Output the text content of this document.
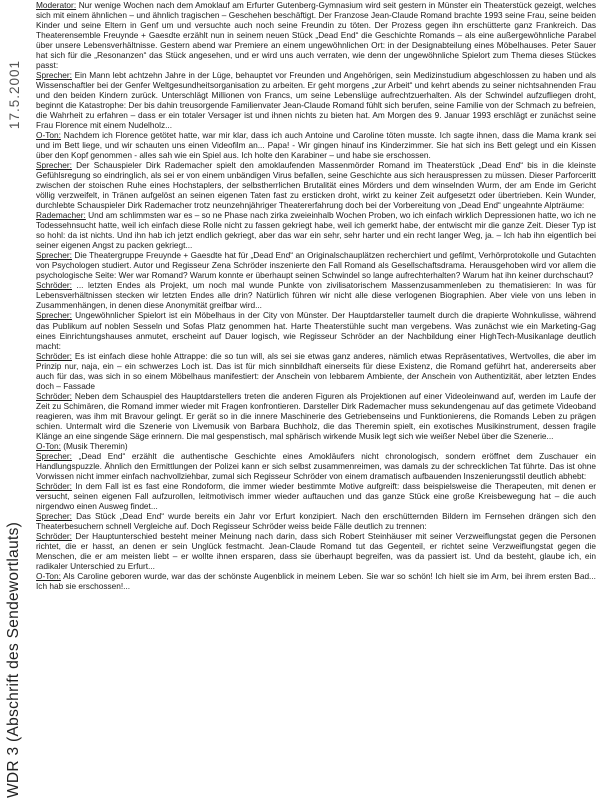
WDR 3 (Abschrift des Sendewortlauts)
17.5.2001

Moderator: Nur wenige Wochen nach dem Amoklauf am Erfurter Gutenberg-Gymnasium wird seit gestern in Münster ein Theaterstück gezeigt, welches sich mit einem ähnlichen – und ähnlich tragischen – Geschehen beschäftigt. Der Franzose Jean-Claude Romand brachte 1993 seine Frau, seine beiden Kinder und seine Eltern in Genf um und versuchte auch noch seine Freundin zu töten. Der Prozess gegen ihn erschütterte ganz Frankreich. Das Theaterensemble Freuynde + Gaesdte erzählt nun in seinem neuen Stück „Dead End“ die Geschichte Romands – als eine außergewöhnliche Parabel über unsere Lebensverhältnisse. Gestern abend war Premiere an einem ungewöhnlichen Ort: in der Designabteilung eines Möbelhauses. Peter Sauer hat sich für die „Resonanzen“ das Stück angesehen, und er wird uns auch verraten, wie denn der ungewöhnliche Spielort zum Thema dieses Stückes passt:

Sprecher: Ein Mann lebt achtzehn Jahre in der Lüge, behauptet vor Freunden und Angehörigen, sein Medizinstudium abgeschlossen zu haben und als Wissenschaftler bei der Genfer Weltgesundheitsorganisation zu arbeiten. Er geht morgens „zur Arbeit“ und kehrt abends zu seiner nichtsahnenden Frau und den beiden Kindern zurück. Unterschlägt Millionen von Francs, um seine Lebenslüge aufrechtzuerhalten. Als der Schwindel aufzufliegen droht, beginnt die Katastrophe: Der bis dahin treusorgende Familienvater Jean-Claude Romand fühlt sich berufen, seine Familie von der Schmach zu befreien, die Wahrheit zu erfahren – dass er ein totaler Versager ist und ihnen nichts zu bieten hat. Am Morgen des 9. Januar 1993 erschlägt er zunächst seine Frau Florence mit einem Nudelholz...

O-Ton: Nachdem ich Florence getötet hatte, war mir klar, dass ich auch Antoine und Caroline töten musste. Ich sagte ihnen, dass die Mama krank sei und im Bett liege, und wir schauten uns einen Videofilm an... Papa! - Wir gingen hinauf ins Kinderzimmer. Sie hat sich ins Bett gelegt und ein Kissen über den Kopf genommen - alles sah wie ein Spiel aus. Ich holte den Karabiner – und habe sie erschossen.

Sprecher: Der Schauspieler Dirk Rademacher spielt den amoklaufenden Massenmörder Romand im Theaterstück „Dead End“ bis in die kleinste Gefühlsregung so eindringlich, als sei er von einem unbändigen Virus befallen, seine Geschichte aus sich herauspressen zu müssen. Dieser Parforceritt zwischen der stoischen Ruhe eines Hochstaplers, der selbstherrlichen Brutalität eines Mörders und dem winselnden Wurm, der am Ende im Gericht völlig verzweifelt, in Tränen aufgelöst an seinen eigenen Taten fast zu ersticken droht, wirkt zu keiner Zeit aufgesetzt oder übertrieben. Kein Wunder, durchlebte Schauspieler Dirk Rademacher trotz neunzehnjähriger Theatererfahrung doch bei der Vorbereitung von „Dead End“ ungeahnte Alpträume:

Rademacher: Und am schlimmsten war es – so ne Phase nach zirka zweieinhalb Wochen Proben, wo ich einfach wirklich Depressionen hatte, wo ich ne Todessehnsucht hatte, weil ich einfach diese Rolle nicht zu fassen gekriegt habe, weil ich gemerkt habe, der entwischt mir die ganze Zeit. Dieser Typ ist so hohl: da ist nichts. Und ihn hab ich jetzt endlich gekriegt, aber das war ein sehr, sehr harter und ein recht langer Weg, ja. – Ich hab ihn eigentlich bei seiner eigenen Angst zu packen gekriegt...

Sprecher: Die Theatergruppe Freuynde + Gaesdte hat für „Dead End“ an Originalschauplätzen recherchiert und gefilmt, Verhörprotokolle und Gutachten von Psychologen studiert. Autor und Regisseur Zena Schröder inszenierte den Fall Romand als Gesellschaftsdrama. Herausgehoben wird vor allem die psychologische Seite: Wer war Romand? Warum konnte er überhaupt seinen Schwindel so lange aufrechterhalten? Warum hat ihn keiner durchschaut?

Schröder: ... letzten Endes als Projekt, um noch mal wunde Punkte von zivilisatorischem Massenzusammenleben zu thematisieren: In was für Lebensverhältnissen stecken wir letzten Endes alle drin? Natürlich führen wir nicht alle diese verlogenen Biographien. Aber viele von uns leben in Zusammenhängen, in denen diese Anonymität greifbar wird...

Sprecher: Ungewöhnlicher Spielort ist ein Möbelhaus in der City von Münster. Der Hauptdarsteller taumelt durch die drapierte Wohnkulisse, während das Publikum auf noblen Sesseln und Sofas Platz genommen hat. Harte Theaterstühle sucht man vergebens. Was zunächst wie ein Marketing-Gag eines Einrichtungshauses anmutet, erscheint auf Dauer logisch, wie Regisseur Schröder an der Nachbildung einer HighTech-Musikanlage deutlich macht:

Schröder: Es ist einfach diese hohle Attrappe: die so tun will, als sei sie etwas ganz anderes, nämlich etwas Repräsentatives, Wertvolles, die aber im Prinzip nur, naja, ein – ein schwerzes Loch ist. Das ist für mich sinnbildhaft einerseits für diese Existenz, die Romand geführt hat, andererseits aber auch für das, was sich in so einem Möbelhaus manifestiert: der Anschein von lebbarem Ambiente, der Anschein von Authentizität, aber letzten Endes doch – Fassade

Schröder: Neben dem Schauspiel des Hauptdarstellers treten die anderen Figuren als Projektionen auf einer Videoleinwand auf, werden im Laufe der Zeit zu Schimären, die Romand immer wieder mit Fragen konfrontieren. Darsteller Dirk Rademacher muss sekundengenau auf das getimete Videoband reagieren, was ihm mit Bravour gelingt. Er gerät so in die innere Maschinerie des Getriebenseins und Funktionierens, die Romands Leben zu prägen schien. Untermalt wird die Szenerie von Livemusik von Barbara Buchholz, die das Theremin spielt, ein exotisches Musikinstrument, dessen fragile Klänge an eine singende Säge erinnern. Die mal gespenstisch, mal sphärisch wirkende Musik legt sich wie weißer Nebel über die Szenerie...

O-Ton: (Musik Theremin)

Sprecher: „Dead End“ erzählt die authentische Geschichte eines Amokläufers nicht chronologisch, sondern eröffnet dem Zuschauer ein Handlungspuzzle. Ähnlich den Ermittlungen der Polizei kann er sich selbst zusammenreimen, was damals zu der schrecklichen Tat führte. Das ist ohne Vorwissen nicht immer einfach nachvollziehbar, zumal sich Regisseur Schröder von einem dramatisch aufbauenden Inszenierungsstil deutlich abhebt:

Schröder: In dem Fall ist es fast eine Rondoform, die immer wieder bestimmte Motive aufgreift: dass beispielsweise die Therapeuten, mit denen er versucht, seinen eigenen Fall aufzurollen, leitmotivisch immer wieder auftauchen und das ganze Stück eine große Kreisbewegung hat – die auch nirgendwo einen Ausweg findet...

Sprecher: Das Stück „Dead End“ wurde bereits ein Jahr vor Erfurt konzipiert. Nach den erschütternden Bildern im Fernsehen drängen sich den Theaterbesuchern schnell Vergleiche auf. Doch Regisseur Schröder weiss beide Fälle deutlich zu trennen:

Schröder: Der Hauptunterschied besteht meiner Meinung nach darin, dass sich Robert Steinhäuser mit seiner Verzweiflungstat gegen die Personen richtet, die er hasst, an denen er sein Unglück festmacht. Jean-Claude Romand tut das Gegenteil, er richtet seine Verzweiflungstat gegen die Menschen, die er am meisten liebt – er wollte ihnen ersparen, dass sie überhaupt begreifen, was da passiert ist. Und da besteht, glaube ich, ein radikaler Unterschied zu Erfurt...

O-Ton: Als Caroline geboren wurde, war das der schönste Augenblick in meinem Leben. Sie war so schön! Ich hielt sie im Arm, bei ihrem ersten Bad... Ich hab sie erschossen!...
